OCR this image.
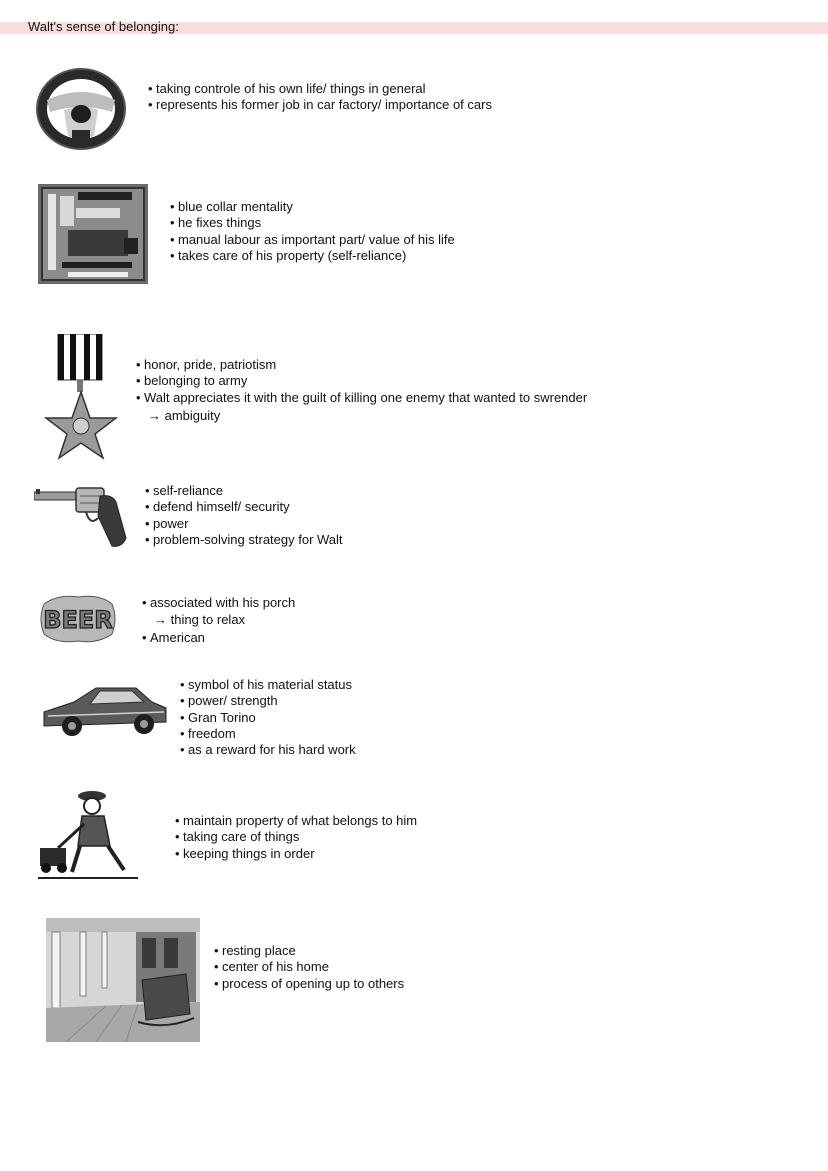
Walt's sense of belonging:
• taking controle of his own life/ things in general
• represents his former job in car factory/ importance of cars
• blue collar mentality
• he fixes things
• manual labour as important part/ value of his life
• takes care of his property (self-reliance)
• honor, pride, patriotism
• belonging to army
• Walt appreciates it with the guilt of killing one enemy that wanted to swrender
→ ambiguity
• self-reliance
• defend himself/ security
• power
• problem-solving strategy for Walt
BEER
• associated with his porch
→ thing to relax
• American
• symbol of his material status
• power/ strength
• Gran Torino
• freedom
• as a reward for his hard work
• maintain property of what belongs to him
• taking care of things
• keeping things in order
• resting place
• center of his home
• process of opening up to others
